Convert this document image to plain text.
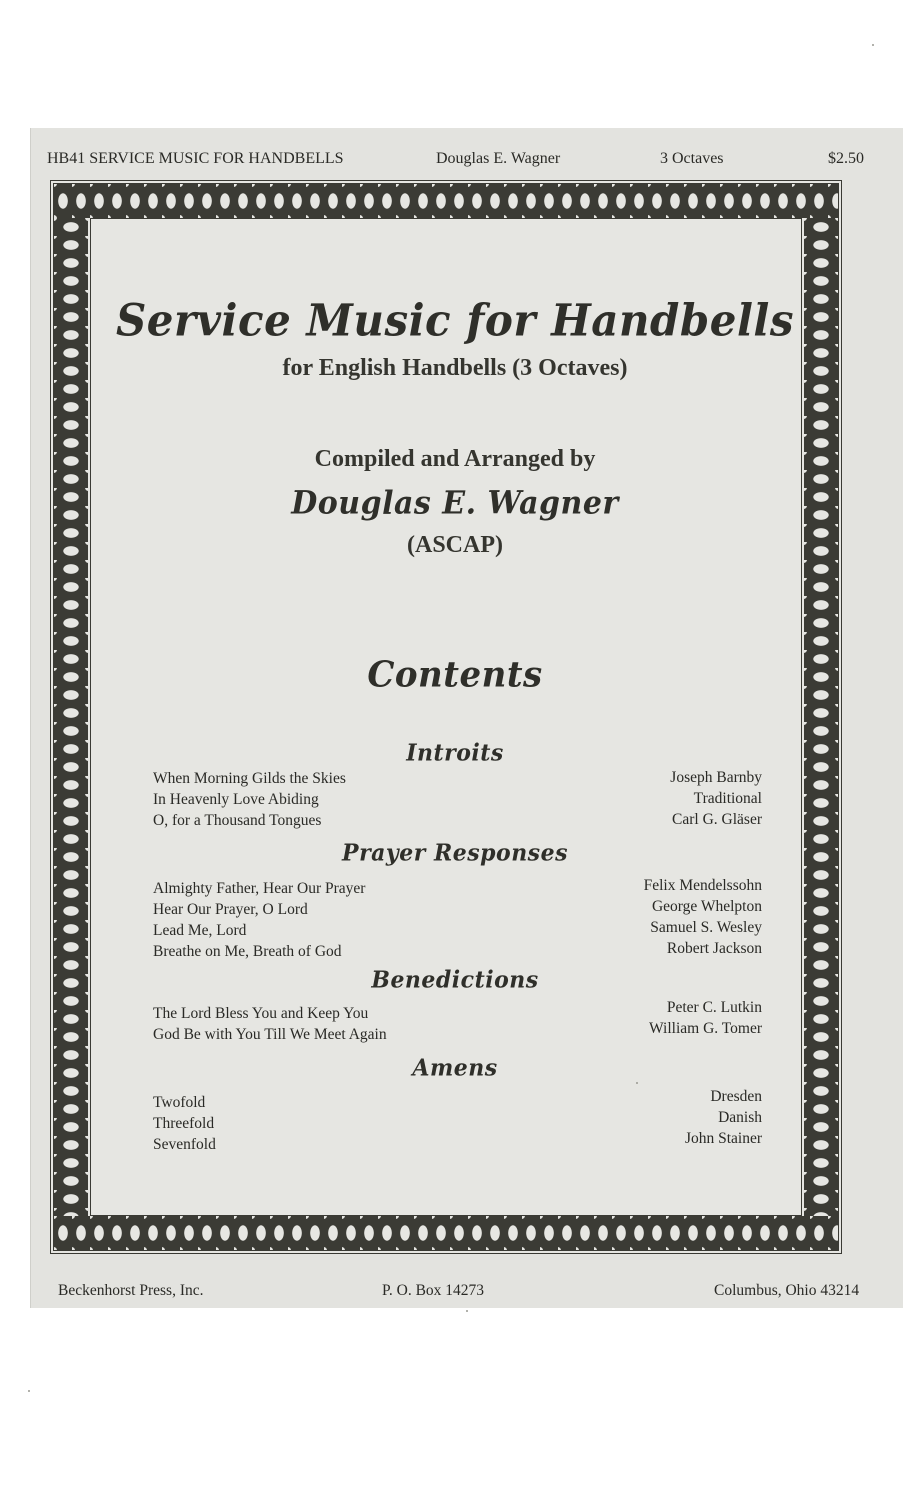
HB41 SERVICE MUSIC FOR HANDBELLS	Douglas E. Wagner	3 Octaves	$2.50
Service Music for Handbells
for English Handbells (3 Octaves)
Compiled and Arranged by
Douglas E. Wagner
(ASCAP)
Contents
Introits
When Morning Gilds the Skies	Joseph Barnby
In Heavenly Love Abiding	Traditional
O, for a Thousand Tongues	Carl G. Gläser
Prayer Responses
Almighty Father, Hear Our Prayer	Felix Mendelssohn
Hear Our Prayer, O Lord	George Whelpton
Lead Me, Lord	Samuel S. Wesley
Breathe on Me, Breath of God	Robert Jackson
Benedictions
The Lord Bless You and Keep You	Peter C. Lutkin
God Be with You Till We Meet Again	William G. Tomer
Amens
Twofold	Dresden
Threefold	Danish
Sevenfold	John Stainer
Beckenhorst Press, Inc.	P. O. Box 14273	Columbus, Ohio 43214
